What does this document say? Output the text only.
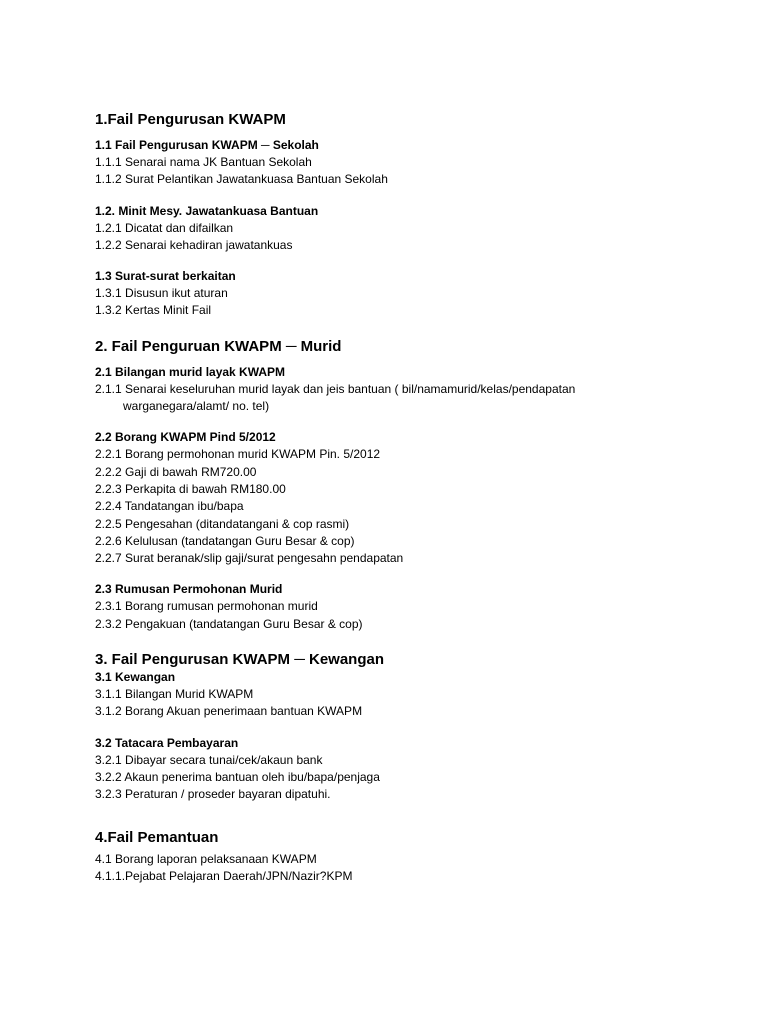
1.Fail Pengurusan KWAPM

1.1 Fail Pengurusan KWAPM ─ Sekolah

1.1.1 Senarai nama JK Bantuan Sekolah

1.1.2 Surat Pelantikan Jawatankuasa Bantuan Sekolah

1.2. Minit Mesy. Jawatankuasa Bantuan

1.2.1 Dicatat dan difailkan

1.2.2 Senarai kehadiran jawatankuas

1.3 Surat-surat berkaitan

1.3.1 Disusun ikut aturan

1.3.2 Kertas Minit Fail

2. Fail Penguruan KWAPM ─ Murid

2.1 Bilangan murid layak KWAPM

2.1.1 Senarai keseluruhan murid layak dan jeis bantuan ( bil/namamurid/kelas/pendapatan

warganegara/alamt/ no. tel)

2.2 Borang KWAPM Pind 5/2012

2.2.1 Borang permohonan murid KWAPM Pin. 5/2012

2.2.2 Gaji di bawah RM720.00

2.2.3 Perkapita di bawah RM180.00

2.2.4 Tandatangan ibu/bapa

2.2.5 Pengesahan (ditandatangani & cop rasmi)

2.2.6 Kelulusan (tandatangan Guru Besar & cop)

2.2.7 Surat beranak/slip gaji/surat pengesahn pendapatan

2.3 Rumusan Permohonan Murid

2.3.1 Borang rumusan permohonan murid

2.3.2 Pengakuan (tandatangan Guru Besar & cop)

3. Fail Pengurusan KWAPM ─ Kewangan

3.1 Kewangan

3.1.1 Bilangan Murid KWAPM

3.1.2 Borang Akuan penerimaan bantuan KWAPM

3.2 Tatacara Pembayaran

3.2.1 Dibayar secara tunai/cek/akaun bank

3.2.2 Akaun penerima bantuan oleh ibu/bapa/penjaga

3.2.3 Peraturan / proseder bayaran dipatuhi.

4.Fail Pemantuan

4.1 Borang laporan pelaksanaan KWAPM

4.1.1.Pejabat Pelajaran Daerah/JPN/Nazir?KPM
